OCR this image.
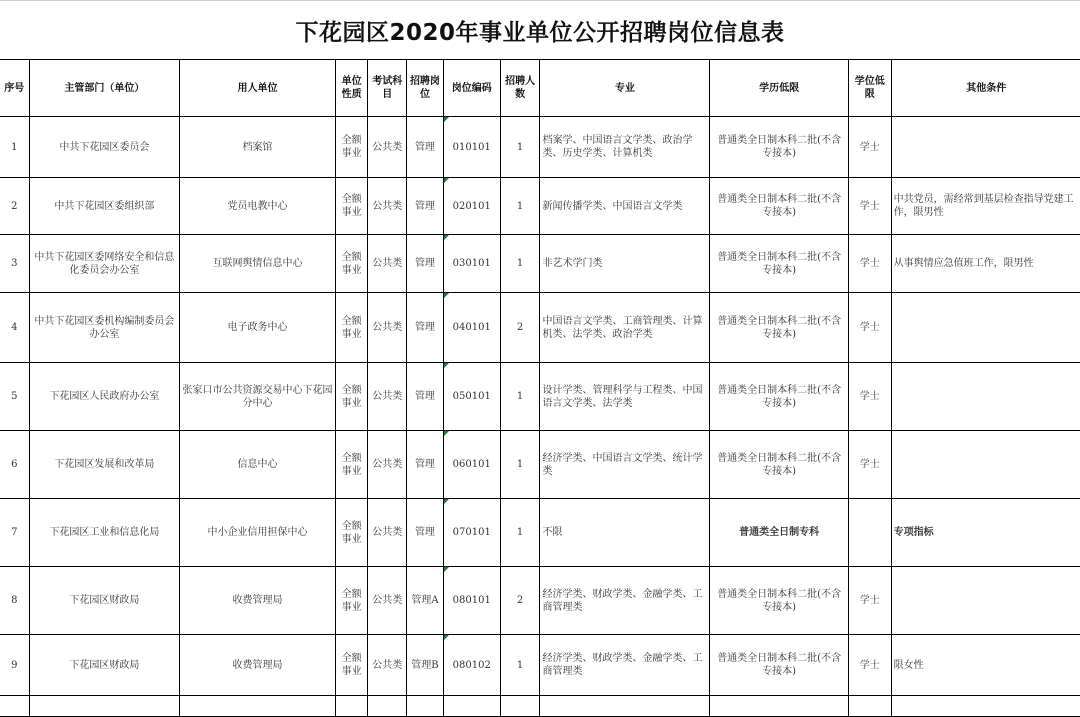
下花园区2020年事业单位公开招聘岗位信息表
序号	主管部门（单位）	用人单位	单位性质	考试科目	招聘岗位	岗位编码	招聘人数	专业	学历低限	学位低限	其他条件
1	中共下花园区委员会	档案馆	全额事业	公共类	管理	010101	1	档案学、中国语言文学类、政治学类、历史学类、计算机类	普通类全日制本科二批(不含专接本)	学士	
2	中共下花园区委组织部	党员电教中心	全额事业	公共类	管理	020101	1	新闻传播学类、中国语言文学类	普通类全日制本科二批(不含专接本)	学士	中共党员，需经常到基层检查指导党建工作，限男性
3	中共下花园区委网络安全和信息化委员会办公室	互联网舆情信息中心	全额事业	公共类	管理	030101	1	非艺术学门类	普通类全日制本科二批(不含专接本)	学士	从事舆情应急值班工作，限男性
4	中共下花园区委机构编制委员会办公室	电子政务中心	全额事业	公共类	管理	040101	2	中国语言文学类、工商管理类、计算机类、法学类、政治学类	普通类全日制本科二批(不含专接本)	学士	
5	下花园区人民政府办公室	张家口市公共资源交易中心下花园分中心	全额事业	公共类	管理	050101	1	设计学类、管理科学与工程类、中国语言文学类、法学类	普通类全日制本科二批(不含专接本)	学士	
6	下花园区发展和改革局	信息中心	全额事业	公共类	管理	060101	1	经济学类、中国语言文学类、统计学类	普通类全日制本科二批(不含专接本)	学士	
7	下花园区工业和信息化局	中小企业信用担保中心	全额事业	公共类	管理	070101	1	不限	普通类全日制专科		专项指标
8	下花园区财政局	收费管理局	全额事业	公共类	管理A	080101	2	经济学类、财政学类、金融学类、工商管理类	普通类全日制本科二批(不含专接本)	学士	
9	下花园区财政局	收费管理局	全额事业	公共类	管理B	080102	1	经济学类、财政学类、金融学类、工商管理类	普通类全日制本科二批(不含专接本)	学士	限女性
